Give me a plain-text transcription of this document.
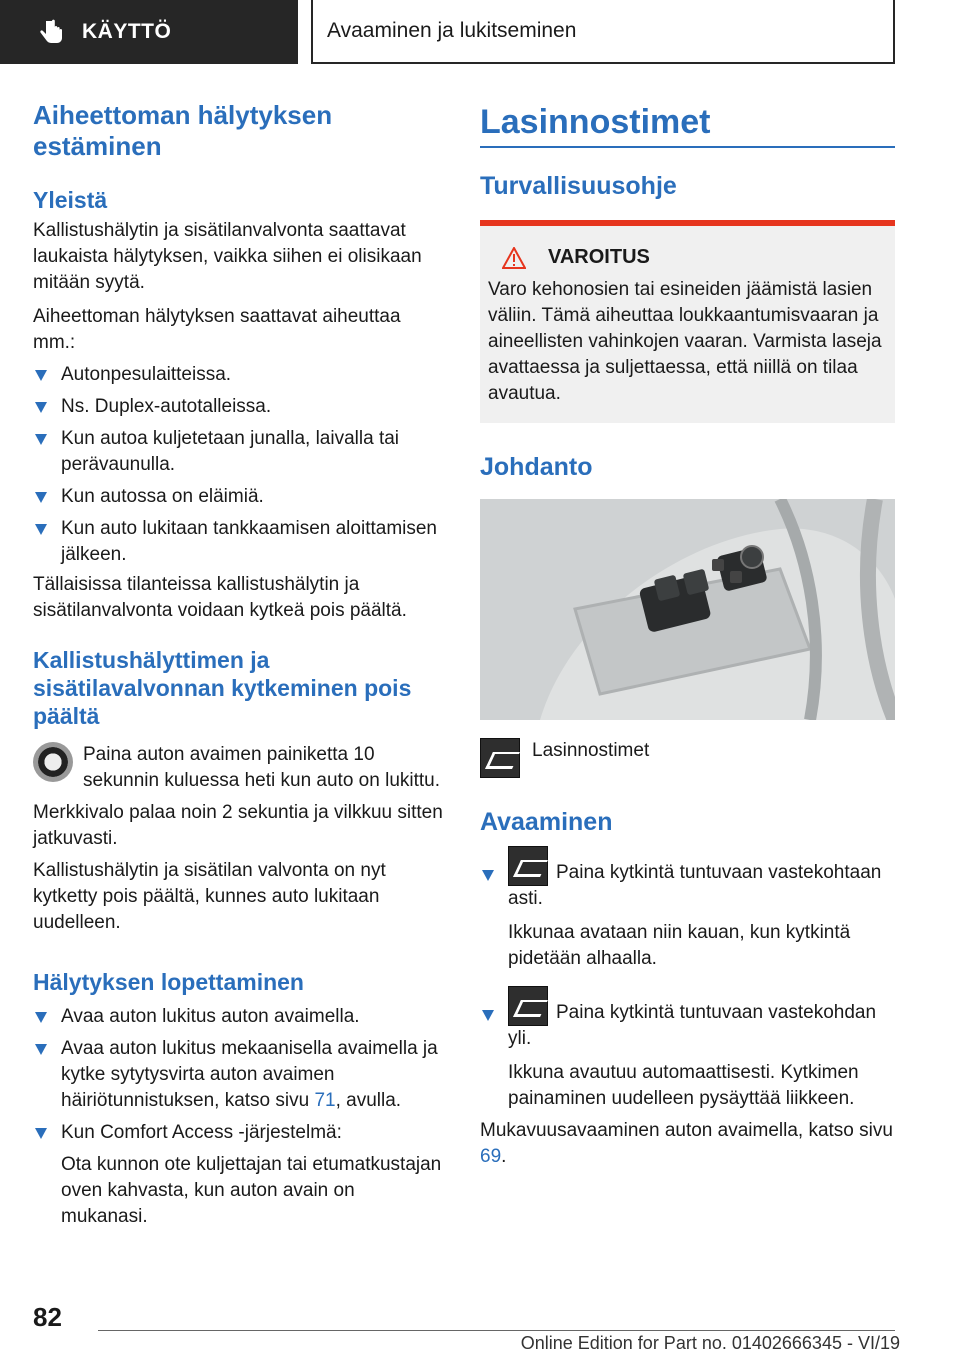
KÄYTTÖ	Avaaminen ja lukitseminen
Aiheettoman hälytyksen estäminen
Yleistä

Kallistushälytin ja sisätilanvalvonta saattavat laukaista hälytyksen, vaikka siihen ei olisikaan mitään syytä.

Aiheettoman hälytyksen saattavat aiheuttaa mm.:

Autonpesulaitteissa.
Ns. Duplex-autotalleissa.
Kun autoa kuljetetaan junalla, laivalla tai perävaunulla.
Kun autossa on eläimiä.
Kun auto lukitaan tankkaamisen aloittamisen jälkeen.

Tällaisissa tilanteissa kallistushälytin ja sisätilanvalvonta voidaan kytkeä pois päältä.

Kallistushälyttimen ja sisätilavalvonnan kytkeminen pois päältä

Paina auton avaimen painiketta 10 sekunnin kuluessa heti kun auto on lukittu.

Merkkivalo palaa noin 2 sekuntia ja vilkkuu sitten jatkuvasti.

Kallistushälytin ja sisätilan valvonta on nyt kytketty pois päältä, kunnes auto lukitaan uudelleen.

Hälytyksen lopettaminen
Avaa auton lukitus auton avaimella.
Avaa auton lukitus mekaanisella avaimella ja kytke sytytysvirta auton avaimen häiriötunnistuksen, katso sivu 71, avulla.
Kun Comfort Access -järjestelmä:

Ota kunnon ote kuljettajan tai etumatkustajan oven kahvasta, kun auton avain on mukanasi.

Lasinnostimet
Turvallisuusohje
VAROITUS

Varo kehonosien tai esineiden jäämistä lasien väliin. Tämä aiheuttaa loukkaantumisvaaran ja aineellisten vahinkojen vaaran. Varmista laseja avattaessa ja suljettaessa, että niillä on tilaa avautua.

Johdanto

Lasinnostimet

Avaaminen
Paina kytkintä tuntuvaan vastekohtaan asti.

Ikkunaa avataan niin kauan, kun kytkintä pidetään alhaalla.

Paina kytkintä tuntuvaan vastekohdan yli.

Ikkuna avautuu automaattisesti. Kytkimen painaminen uudelleen pysäyttää liikkeen.

Mukavuusavaaminen auton avaimella, katso sivu 69.

82
Online Edition for Part no. 01402666345 - VI/19
